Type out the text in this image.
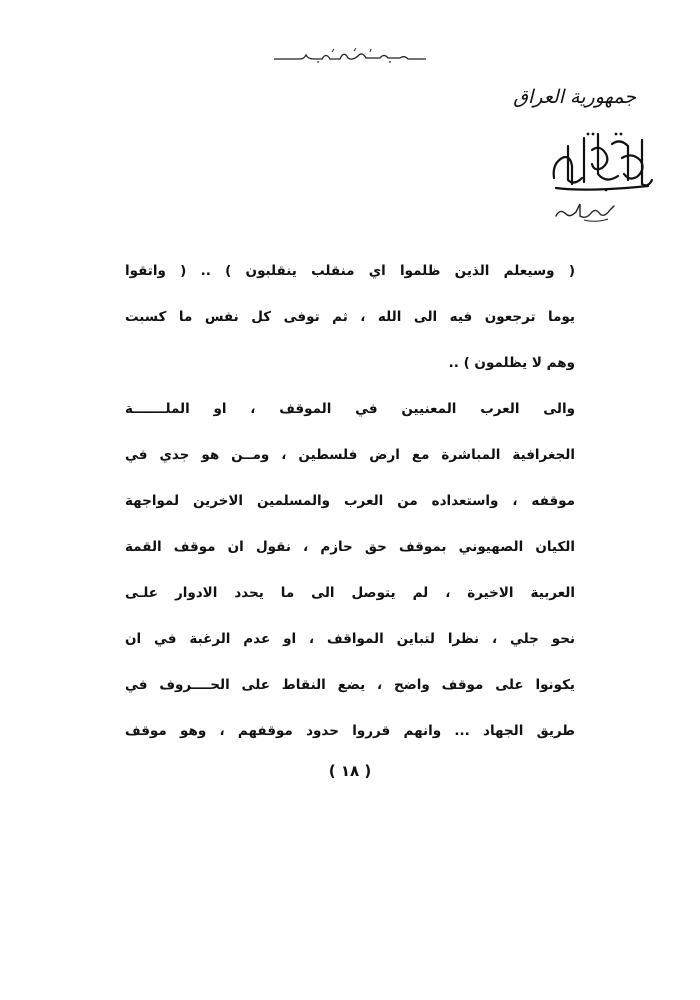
جمهورية العراق
( وسيعلم الذين ظلموا اي منقلب ينقلبون ) .. ( واتقوا
يوما ترجعون فيه الى الله ، ثم توفى كل نفس ما كسبت
وهم لا يظلمون ) ..
والى العرب المعنيين في الموقف ، او الملـــــــة
الجغرافية المباشرة مع ارض فلسطين ، ومــن هو جدي في
موقفه ، واستعداده من العرب والمسلمين الاخرين لمواجهة
الكيان الصهيوني بموقف حق حازم ، نقول ان موقف القمة
العربية الاخيرة ، لم يتوصل الى ما يحدد الادوار علـى
نحو جلي ، نظرا لتباين المواقف ، او عدم الرغبة في ان
يكونوا على موقف واضح ، يضع النقاط على الحــــروف في
طريق الجهاد ... وانهم قرروا حدود موقفهم ، وهو موقف
( ١٨ )
